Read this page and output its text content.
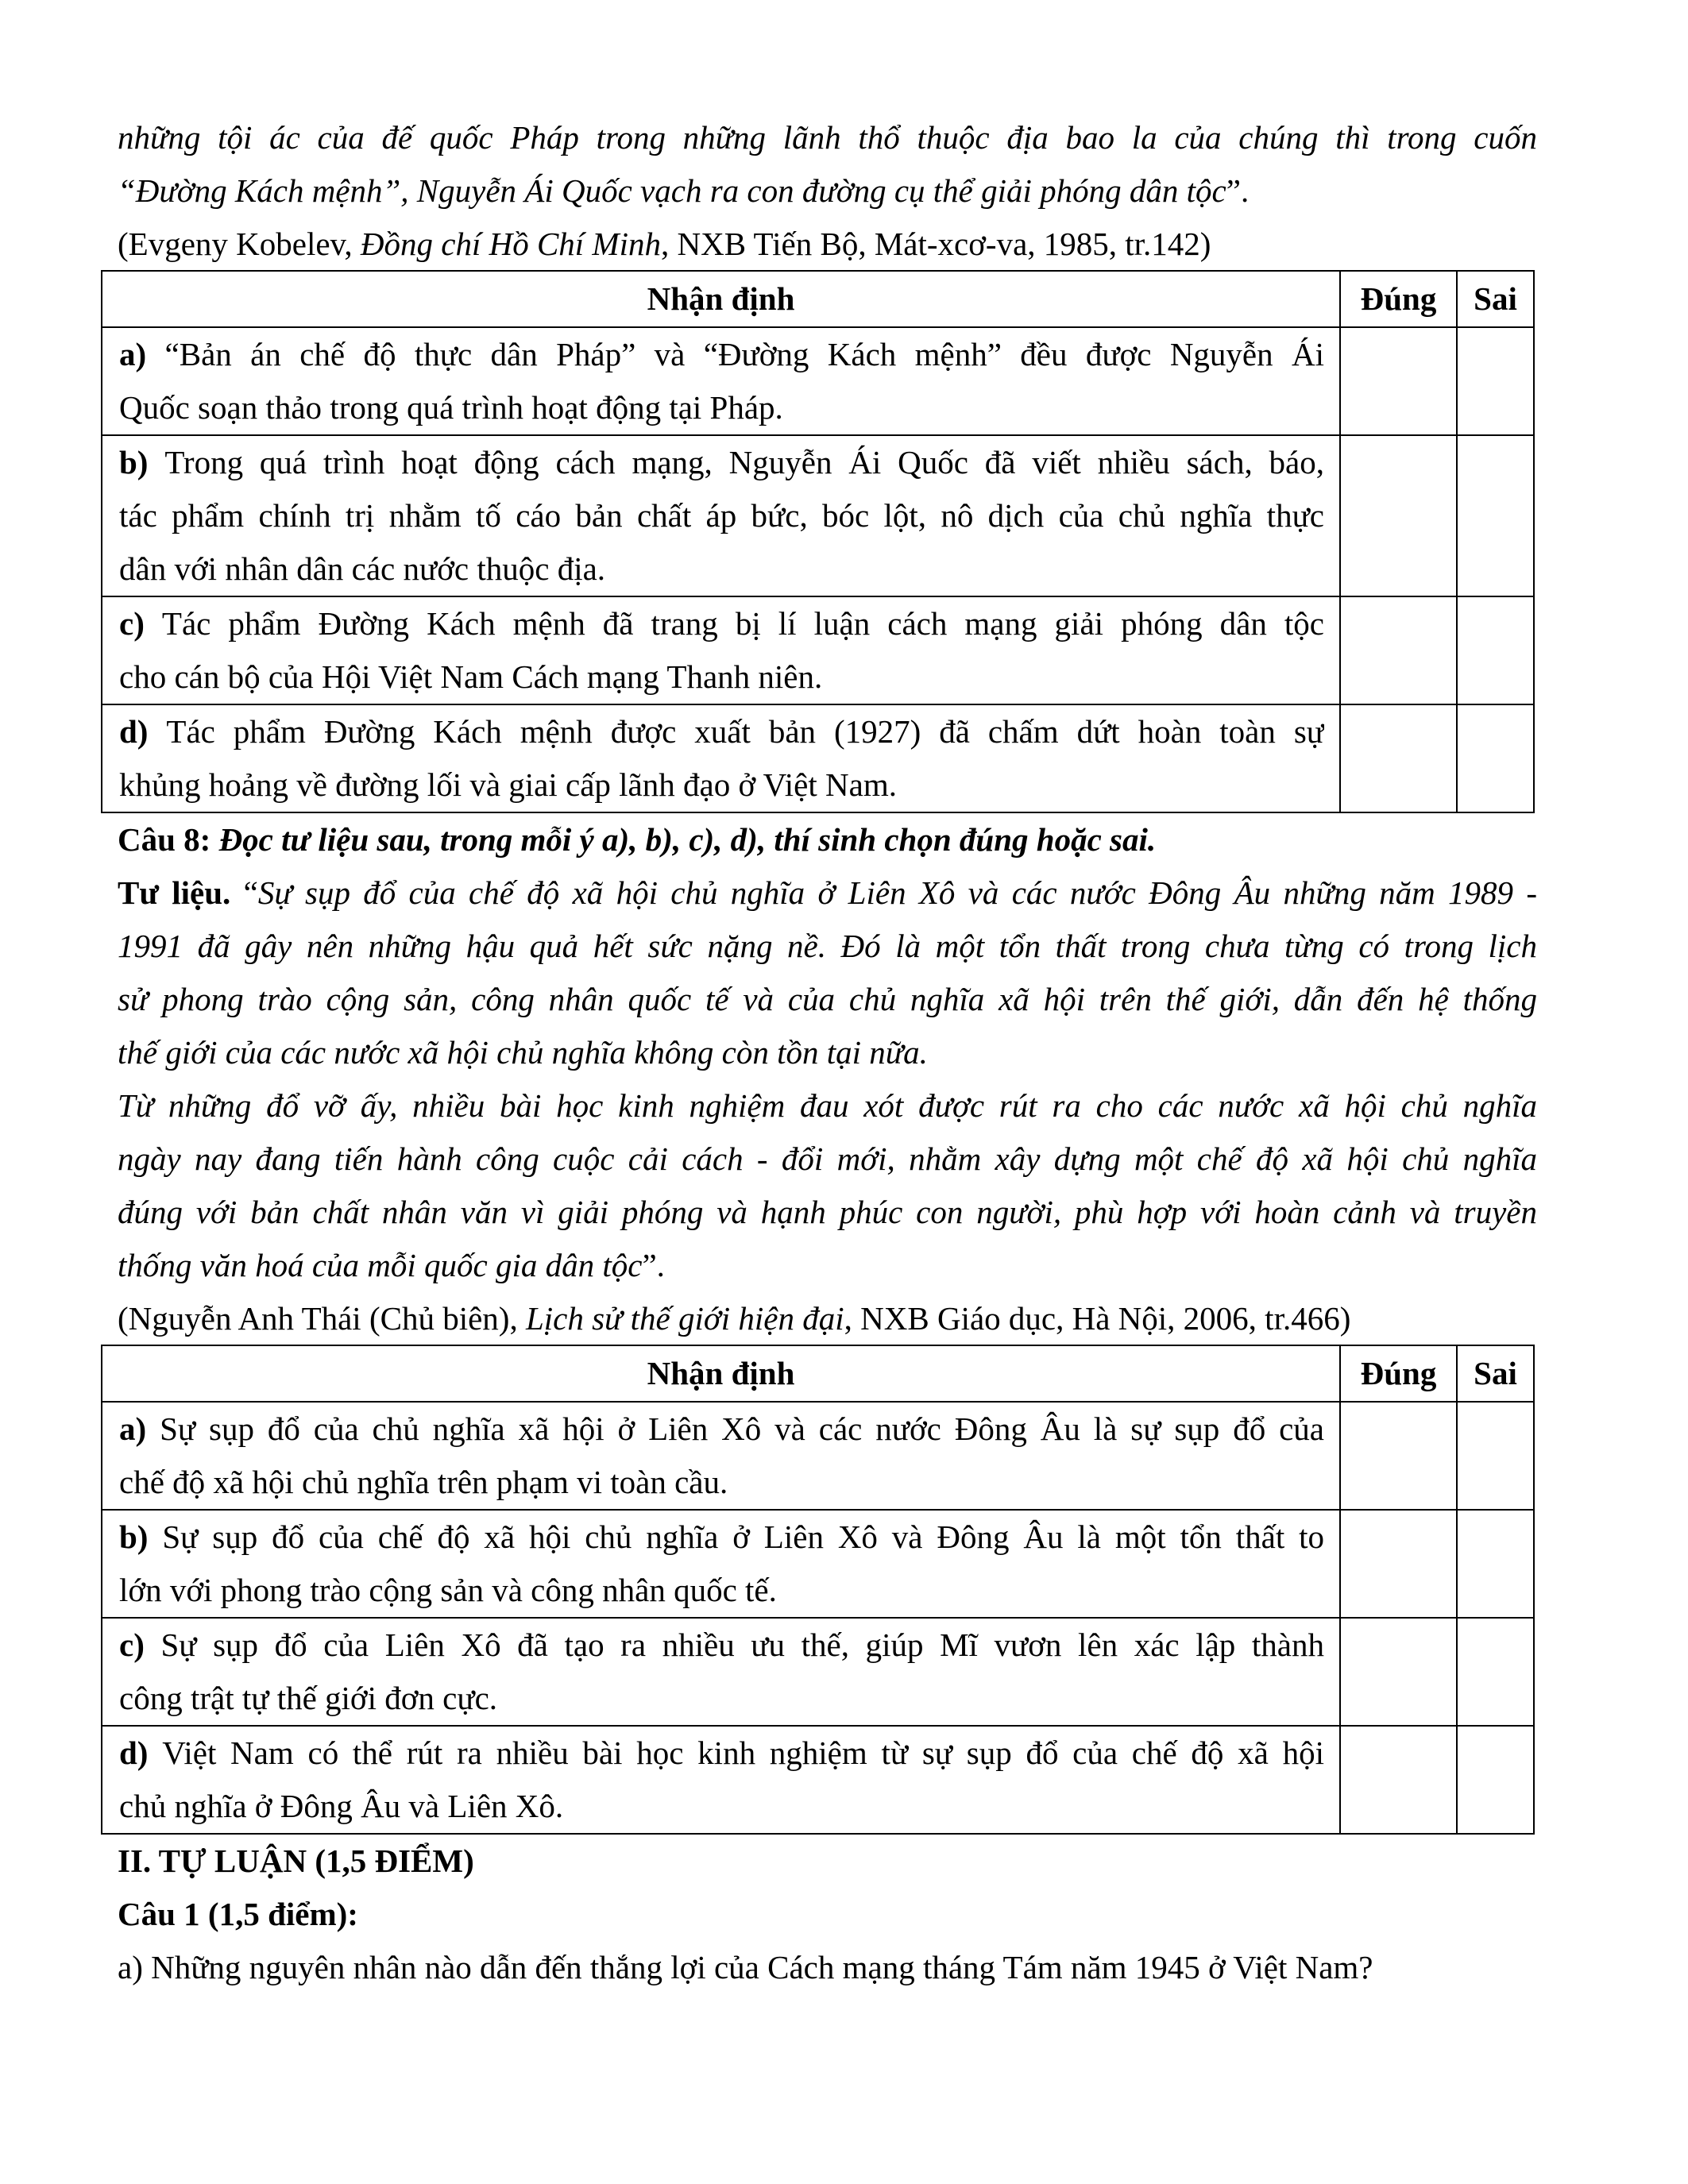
những tội ác của đế quốc Pháp trong những lãnh thổ thuộc địa bao la của chúng thì trong cuốn
“Đường Kách mệnh”, Nguyễn Ái Quốc vạch ra con đường cụ thể giải phóng dân tộc”.
(Evgeny Kobelev, Đồng chí Hồ Chí Minh, NXB Tiến Bộ, Mát-xcơ-va, 1985, tr.142)
Nhận định	Đúng	Sai

a) “Bản án chế độ thực dân Pháp” và “Đường Kách mệnh” đều được Nguyễn Ái
Quốc soạn thảo trong quá trình hoạt động tại Pháp.		

b) Trong quá trình hoạt động cách mạng, Nguyễn Ái Quốc đã viết nhiều sách, báo,
tác phẩm chính trị nhằm tố cáo bản chất áp bức, bóc lột, nô dịch của chủ nghĩa thực
dân với nhân dân các nước thuộc địa.		

c) Tác phẩm Đường Kách mệnh đã trang bị lí luận cách mạng giải phóng dân tộc
cho cán bộ của Hội Việt Nam Cách mạng Thanh niên.		

d) Tác phẩm Đường Kách mệnh được xuất bản (1927) đã chấm dứt hoàn toàn sự
khủng hoảng về đường lối và giai cấp lãnh đạo ở Việt Nam.		

Câu 8: Đọc tư liệu sau, trong mỗi ý a), b), c), d), thí sinh chọn đúng hoặc sai.
Tư liệu. “Sự sụp đổ của chế độ xã hội chủ nghĩa ở Liên Xô và các nước Đông Âu những năm 1989 -
1991 đã gây nên những hậu quả hết sức nặng nề. Đó là một tổn thất trong chưa từng có trong lịch
sử phong trào cộng sản, công nhân quốc tế và của chủ nghĩa xã hội trên thế giới, dẫn đến hệ thống
thế giới của các nước xã hội chủ nghĩa không còn tồn tại nữa.
Từ những đổ vỡ ấy, nhiều bài học kinh nghiệm đau xót được rút ra cho các nước xã hội chủ nghĩa
ngày nay đang tiến hành công cuộc cải cách - đổi mới, nhằm xây dựng một chế độ xã hội chủ nghĩa
đúng với bản chất nhân văn vì giải phóng và hạnh phúc con người, phù hợp với hoàn cảnh và truyền
thống văn hoá của mỗi quốc gia dân tộc”.
(Nguyễn Anh Thái (Chủ biên), Lịch sử thế giới hiện đại, NXB Giáo dục, Hà Nội, 2006, tr.466)
Nhận định	Đúng	Sai

a) Sự sụp đổ của chủ nghĩa xã hội ở Liên Xô và các nước Đông Âu là sự sụp đổ của
chế độ xã hội chủ nghĩa trên phạm vi toàn cầu.		

b) Sự sụp đổ của chế độ xã hội chủ nghĩa ở Liên Xô và Đông Âu là một tổn thất to
lớn với phong trào cộng sản và công nhân quốc tế.		

c) Sự sụp đổ của Liên Xô đã tạo ra nhiều ưu thế, giúp Mĩ vươn lên xác lập thành
công trật tự thế giới đơn cực.		

d) Việt Nam có thể rút ra nhiều bài học kinh nghiệm từ sự sụp đổ của chế độ xã hội
chủ nghĩa ở Đông Âu và Liên Xô.		

II. TỰ LUẬN (1,5 ĐIỂM)
Câu 1 (1,5 điểm):
a) Những nguyên nhân nào dẫn đến thắng lợi của Cách mạng tháng Tám năm 1945 ở Việt Nam?
